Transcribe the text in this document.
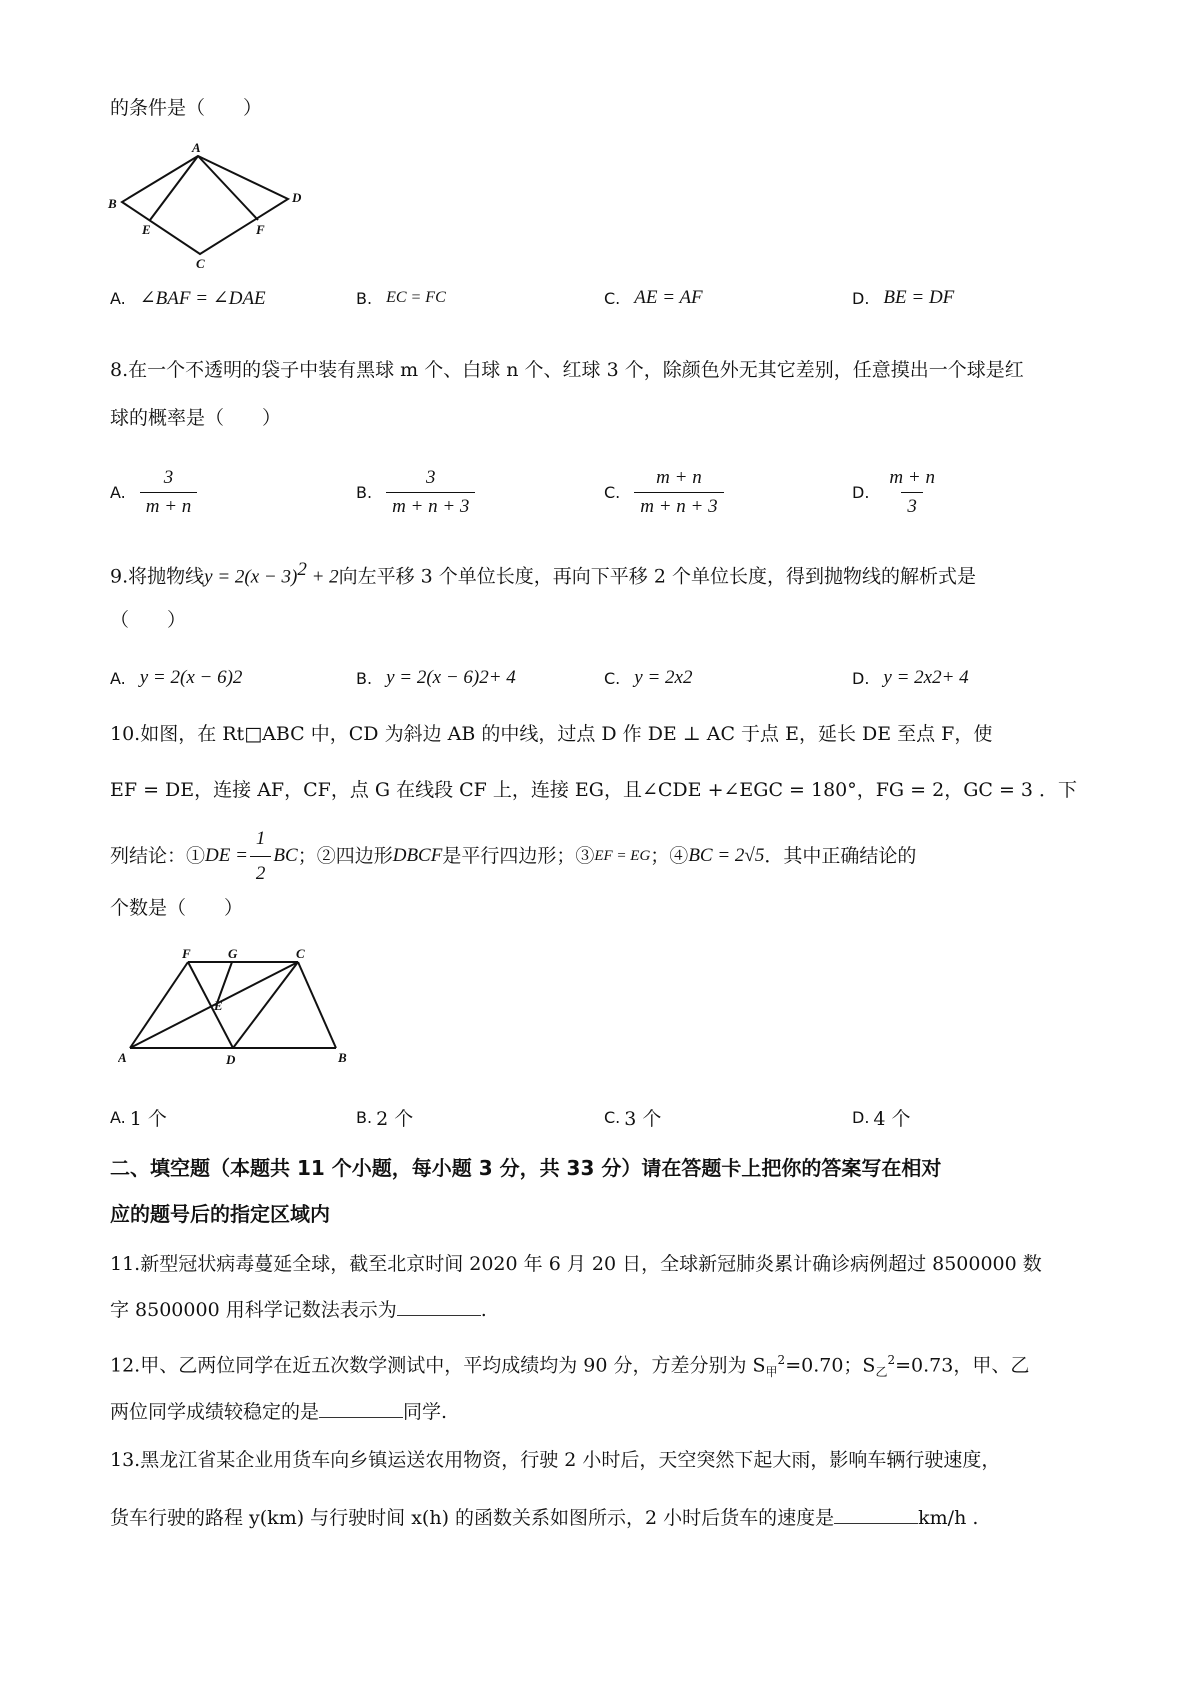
的条件是（　　）
A
B
C
D
E	F
A. ∠BAF = ∠DAE	B. EC = FC	C. AE = AF	D. BE = DF
8.在一个不透明的袋子中装有黑球 m 个、白球 n 个、红球 3 个，除颜色外无其它差别，任意摸出一个球是红
球的概率是（　　）
A. $\frac{3}{m + n}$	B. $\frac{3}{m + n + 3}$	C. $\frac{m + n}{m + n + 3}$	D. $\frac{m + n}{3}$
9.将抛物线$y = 2(x - 3)^2 + 2$向左平移 3 个单位长度，再向下平移 2 个单位长度，得到抛物线的解析式是
（　　）
A. y = 2(x − 6) 2	B. y = 2(x − 6) 2 + 4	C. y = 2x 2	D. y = 2x 2 + 4
10.如图，在 Rt□ABC 中，CD 为斜边 AB 的中线，过点 D 作 DE ⊥ AC 于点 E，延长 DE 至点 F，使
EF = DE，连接 AF，CF，点 G 在线段 CF 上，连接 EG，且∠CDE +∠EGC = 180°，FG = 2，GC = 3 ．下
列结论：① DE = $\frac{1}{2}$ BC ；②四边形 DBCF 是平行四边形；③ EF = EG ；④ BC = 2√5 ．其中正确结论的
个数是（　　）
F	G	C
E
A	D	B
A. 1 个	B. 2 个	C. 3 个	D. 4 个
二、填空题（本题共 11 个小题，每小题 3 分，共 33 分）请在答题卡上把你的答案写在相对
应的题号后的指定区域内
11.新型冠状病毒蔓延全球，截至北京时间 2020 年 6 月 20 日，全球新冠肺炎累计确诊病例超过 8500000 数
字 8500000 用科学记数法表示为	.
12.甲、乙两位同学在近五次数学测试中，平均成绩均为 90 分，方差分别为 $S_甲^2=0.70$；$S_乙^2=0.73$，甲、乙
两位同学成绩较稳定的是	同学.
13.黑龙江省某企业用货车向乡镇运送农用物资，行驶 2 小时后，天空突然下起大雨，影响车辆行驶速度，
货车行驶的路程 y(km) 与行驶时间 x(h) 的函数关系如图所示，2 小时后货车的速度是	km/h .
